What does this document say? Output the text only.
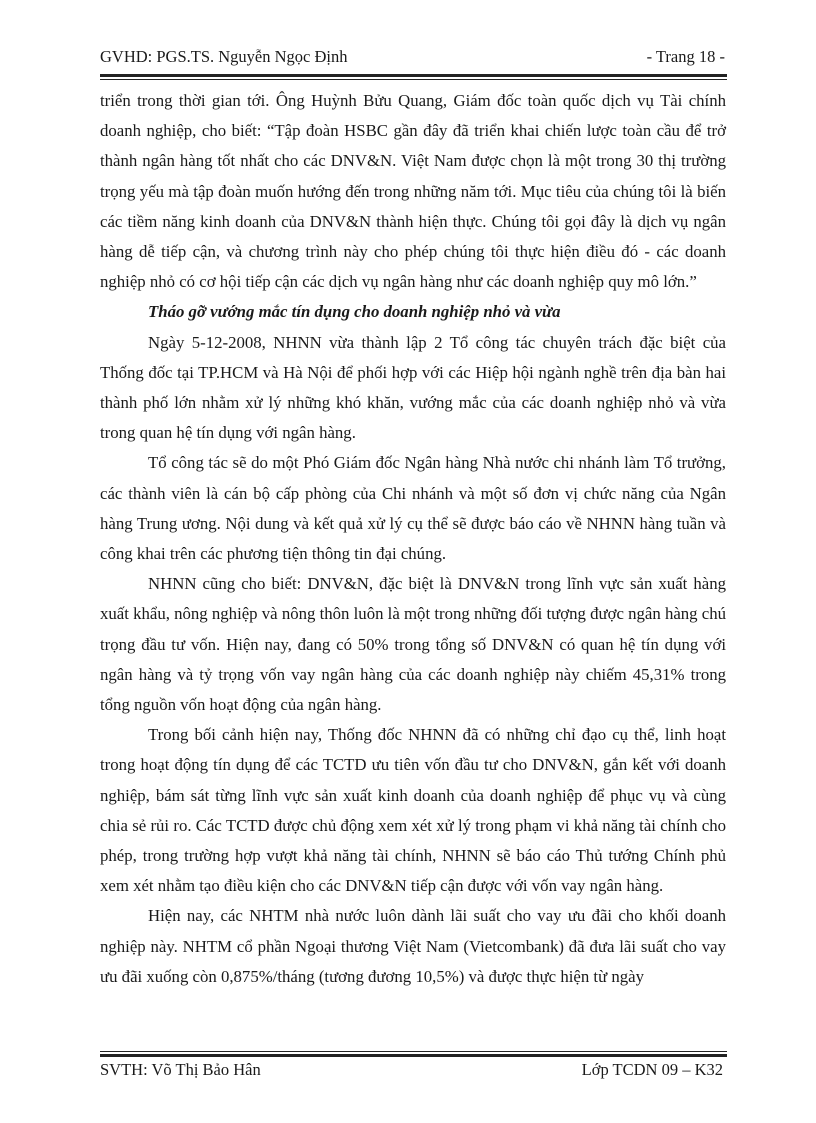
GVHD: PGS.TS. Nguyễn Ngọc Định	- Trang 18 -

triển trong thời gian tới. Ông Huỳnh Bửu Quang, Giám đốc toàn quốc dịch vụ Tài chính doanh nghiệp, cho biết: “Tập đoàn HSBC gần đây đã triển khai chiến lược toàn cầu để trở thành ngân hàng tốt nhất cho các DNV&N. Việt Nam được chọn là một trong 30 thị trường trọng yếu mà tập đoàn muốn hướng đến trong những năm tới. Mục tiêu của chúng tôi là biến các tiềm năng kinh doanh của DNV&N thành hiện thực. Chúng tôi gọi đây là dịch vụ ngân hàng dễ tiếp cận, và chương trình này cho phép chúng tôi thực hiện điều đó - các doanh nghiệp nhỏ có cơ hội tiếp cận các dịch vụ ngân hàng như các doanh nghiệp quy mô lớn.”

Tháo gỡ vướng mắc tín dụng cho doanh nghiệp nhỏ và vừa

Ngày 5-12-2008, NHNN vừa thành lập 2 Tổ công tác chuyên trách đặc biệt của Thống đốc tại TP.HCM và Hà Nội để phối hợp với các Hiệp hội ngành nghề trên địa bàn hai thành phố lớn nhằm xử lý những khó khăn, vướng mắc của các doanh nghiệp nhỏ và vừa trong quan hệ tín dụng với ngân hàng.

Tổ công tác sẽ do một Phó Giám đốc Ngân hàng Nhà nước chi nhánh làm Tổ trưởng, các thành viên là cán bộ cấp phòng của Chi nhánh và một số đơn vị chức năng của Ngân hàng Trung ương. Nội dung và kết quả xử lý cụ thể sẽ được báo cáo về NHNN hàng tuần và công khai trên các phương tiện thông tin đại chúng.

NHNN cũng cho biết: DNV&N, đặc biệt là DNV&N trong lĩnh vực sản xuất hàng xuất khẩu, nông nghiệp và nông thôn luôn là một trong những đối tượng được ngân hàng chú trọng đầu tư vốn. Hiện nay, đang có 50% trong tổng số DNV&N có quan hệ tín dụng với ngân hàng và tỷ trọng vốn vay ngân hàng của các doanh nghiệp này chiếm 45,31% trong tổng nguồn vốn hoạt động của ngân hàng.

Trong bối cảnh hiện nay, Thống đốc NHNN đã có những chỉ đạo cụ thể, linh hoạt trong hoạt động tín dụng để các TCTD ưu tiên vốn đầu tư cho DNV&N, gắn kết với doanh nghiệp, bám sát từng lĩnh vực sản xuất kinh doanh của doanh nghiệp để phục vụ và cùng chia sẻ rủi ro. Các TCTD được chủ động xem xét xử lý trong phạm vi khả năng tài chính cho phép, trong trường hợp vượt khả năng tài chính, NHNN sẽ báo cáo Thủ tướng Chính phủ xem xét nhằm tạo điều kiện cho các DNV&N tiếp cận được với vốn vay ngân hàng.

Hiện nay, các NHTM nhà nước luôn dành lãi suất cho vay ưu đãi cho khối doanh nghiệp này. NHTM cổ phần Ngoại thương Việt Nam (Vietcombank) đã đưa lãi suất cho vay ưu đãi xuống còn 0,875%/tháng (tương đương 10,5%) và được thực hiện từ ngày

SVTH: Võ Thị Bảo Hân	Lớp TCDN 09 – K32
